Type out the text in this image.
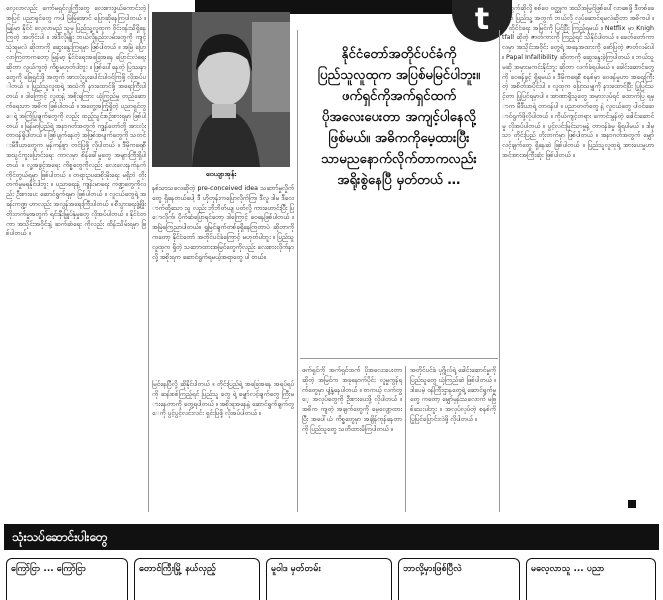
t
လေ့လာလည်း ကော်မရှင်လူကြီးတွေ လေးစားဖွယ်ကောင်းတဲ့အပြင် ပညာရှင်တွေ ကပါ မြဲမြံအောင် ပြောဆိုနေကြပါတယ် ။ မြန်မာ နိုင်ငံ လေ့လာမည် သူမှ ပြည်သူ့လူထုက ဝိုင်းဝန်းသိရှိနေကြတဲ့ အတိုင်းပါ ။ အဲဒီလိုမျိုး ဘယ်လိုနည်းလမ်းတွေကို ကျင့်သုံးရမလဲ ဆိုတာကို ဆွေးနွေးကြရမှာ ဖြစ်ပါတယ် ။ အမြဲ ပြောလာကြတာကတော့ မြန်မာ့ နိုင်ငံရေးအခြေအနေ ပြောင်းလဲရေးဆိုတာ လွယ်ကူတဲ့ ကိစ္စမဟုတ်ပါဘူး ။ ဖြစ်ပေါ်နေတဲ့ ပြဿနာတွေကို ဖြေရှင်းဖို့ အတွက် အားလုံးပူးပေါင်းပါဝင်ကြဖို့ လိုအပ်ပါတယ် ။ ပြည်သူလူထုရဲ့ အသံကို နားထောင်ဖို့ အရေးကြီးပါတယ် ။ ဒါကြောင့် လူထုနဲ့ အစိုးရကြား ယုံကြည်မှု တည်ဆောက်ရေးဟာ အဓိက ဖြစ်ပါတယ် ။ အတွေ့အကြုံရှိတဲ့ ပညာရှင်တွေရဲ့ အကြံပြုချက်တွေကို လည်း ထည့်သွင်းစဉ်းစားရမှာ ဖြစ်ပါတယ် ။ မြန်မာပြည်ရဲ့ အနာဂတ်အတွက် ကျွန်တော်တို့ အားလုံး တာဝန်ရှိပါတယ် ။ ဖြစ်ပျက်နေတဲ့ အဖြစ်အပျက်တွေကို သတင်းမီဒီယာတွေက မှန်ကန်စွာ တင်ပြဖို့ လိုပါတယ် ။ ဒီမိုကရေစီ အသွင်ကူးပြောင်းရေး ကာလမှာ စိန်ခေါ်မှုတွေ အများကြီးရှိပါတယ် ။ လူ့အခွင့်အရေး ကိစ္စတွေကိုလည်း လေးလေးနက်နက် ကိုင်တွယ်ရမှာ ဖြစ်ပါတယ် ။ တရားဥပဒေစိုးမိုးရေး မရှိဘဲ တိုးတက်မှုမရနိုင်ပါဘူး ။ ပညာရေးနဲ့ ကျန်းမာရေး ကဏ္ဍတွေကိုလည်း ဦးစားပေး ဆောင်ရွက်ရမှာ ဖြစ်ပါတယ် ။ လူငယ်တွေရဲ့ အခန်းကဏ္ဍ ဟာလည်း အလွန်အရေးကြီးပါတယ် ။ စီးပွားရေးဖွံ့ဖြိုးတိုးတက်မှုအတွက် ရင်းနှီးမြှုပ်နှံမှုတွေ လိုအပ်ပါတယ် ။ နိုင်ငံတကာ အသိုင်းအဝိုင်းနဲ့ ဆက်ဆံရေး ကိုလည်း ထိန်းသိမ်းရမှာ ဖြစ်ပါတယ် ။
ဝေယျာအုန်း
နစ်သာသလေဆိုတဲ့ pre-conceived idea သဘော်မှုလှိုက်တွေ ရှိနေတယ်ပေါ့ ဒီ ဟိုတုန်းကပြောလိုက်ကြ၊ ဒီလူ ဒါမ ဒီလောက်ထို့သော သူ လည်း ဘိုဘိတ်ယျ ပတ်လို့ ကားဟောင်းပြီး ပြောလိုက်၊ ပိုက်ဆံပြောရင်တော့ ဒါကြောင့် ဝေနေဖြစ်ပါတယ် ။ အမြဲကြေညာပါတယ်။ ရှုမြင်ချက်တစ်ခုရှိနေကြတာပဲ ဆိုတာကို ကတော့ နိုင်ငံတော် အတိုင်ပင်ခံကြောင့် မဟုတ်ပါဘူး ။ ပြည်သူလူထုက ရှိတဲ့ သဘောထားအမြင်တွေကိုလည်း လေးစားလိုက်နာလို့ အစိုးရက ဆောင်ရွက်ရမယ့်အရာတွေ ပါ တယ်။
နိုင်ငံတော်အတိုင်ပင်ခံကို
ပြည်သူလူထုက အပြစ်မမြင်ပါဘူး။
ဖက်ရှင်ကိုအက်ရှင်ထက်
ပိုအလေးပေးတာ အကျင့်ပါနေလို့
ဖြစ်မယ်။ အဓိကကိုမေ့ထားပြီး
သာမညနောက်လိုက်တာကလည်း
အရိုးစွဲနေပြီ မှတ်တယ် …
မြင်နေပြီလို့ ဆိုနိုင်ပါတယ် ။ တိုင်းပြည်ရဲ့ အခြေအနေ အရပ်ရပ်ကို ဆန်းစစ်ကြည့်ရင် ပြည်သူ တွေ ရဲ့ မျှော်လင့်ချက်တွေ ကြီးမားနေတာကို တွေ့ရပါတယ် ။ အစိုးရအနေနဲ့ ဆောင်ရွက်ချက်တွေကို ပွင့်ပွင့်လင်းလင်း ရှင်းပြဖို့ လိုအပ်ပါတယ် ။
ဖက်ရှင်ကို အက်ရှင်ထက် ပိုအလေးပေးတာ ဆိုတဲ့ အမြင်က အခုနောက်ပိုင်း လူမှုကွန်ရက်တွေမှာ ပျံ့နှံ့နေပါတယ် ။ တကယ့် လက်တွေ့ အလုပ်တွေကို ဦးစားပေးဖို့ လိုပါတယ် ။ အဓိက ကျတဲ့ အချက်တွေကို မေ့လျော့ထားပြီး အပေါ်ယံ ကိစ္စတွေမှာ အချိန်ကုန်နေတာကို ပြည်သူတွေ သတိထားမိကြပါတယ် ။
အတိုင်ပင်ခံ ပုဂ္ဂိုလ်ရဲ့ ခေါင်းဆောင်မှုကို ပြည်သူတွေ ယုံကြည်ဆဲ ဖြစ်ပါတယ် ။ ဒါပေမဲ့ ဝန်ကြီးဌာနတွေရဲ့ ဆောင်ရွက်မှုတွေ ကတော့ မျှော်မှန်းသလောက် မဖြစ်သေးပါဘူး ။ အလုပ်လုပ်တဲ့ စနစ်ကို ပြုပြင်ပြောင်းလဲဖို့ လိုပါတယ် ။
အတွက်ဆိုလို့ စစ်ဝေ ဝတ္ထုက အသိအမြင်ဖြစ်ပေါ်လာစေဖို့ ဒီတစ်ခေါက် ပြည်သူ့ အတွက် ဘယ်လို လုပ်ဆောင်ရမလဲဆိုတာ အဓိကပါ ။ ဒါ ထိုင်ငံရေး အမြင်ကို ပြင်ပြီး ကြည့်ရမယ် ။ Netflix မှာ Knightfall ဆိုတဲ့ ဇာတ်ကားကို ကြည့်ရင် သိနိုင်ပါတယ် ။ ခေတ်တော်ကာလမှာ အသိုင်းအဝိုင်း တွေရဲ့ အနေအထားကို ဖော်ပြတဲ့ ဇာတ်လမ်းပါ ။ Papal Infallibility ဆိုတာကို ဆွေးနွေးခဲ့ကြပါတယ် ။ ဘယ်သူမဆို အမှားမကင်းနိုင်ဘူး ဆိုတာ လက်ခံရပါမယ် ။ ခေါင်းဆောင်တွေကို ဝေဖန်ခွင့် ရှိရမယ် ။ ဒီမိုကရေစီ စနစ်မှာ ဝေဖန်မှုဟာ အရေးကြီးတဲ့ အစိတ်အပိုင်းပါ ။ လူထုက ပြောသမျှကို နားထောင်ပြီး ပြုပြင်သင့်တာ ပြုပြင်ရမှာပါ ။ အာဏာရှိသူတွေ အမှားလုပ်ရင် ထောက်ပြ ရမှာက မီဒီယာရဲ့ တာဝန်ပါ ။ ပညာတတ်တွေ နဲ့ လူငယ်တွေ ပါဝင်ဆောင်ရွက်ဖို့လိုပါတယ် ။ ကိုယ်ကျင့်တရား ကောင်းမွန်တဲ့ ခေါင်းဆောင်မှု လိုအပ်ပါတယ် ။ ပွင့်လင်းမြင်သာမှုနဲ့ တာဝန်ခံမှု ရှိရပါမယ် ။ ဒါမှသာ တိုင်းပြည် တိုးတက်မှာ ဖြစ်ပါတယ် ။ အနာဂတ်အတွက် မျှော်လင့်ချက်တွေ ရှိနေဆဲ ဖြစ်ပါတယ် ။ ပြည်သူလူထုရဲ့ အားပေးမှုဟာ အင်အားအကြီးဆုံး ဖြစ်ပါတယ် ။
သုံးသပ်ဆောင်းပါးတွေ
ကြော်ငြာ ... ကြော်ငြာ	တောင်ကြီးမြို့ နယ်လှည့်	မူဝါဒ မှတ်တမ်း	ဘာလို့မှားဖြစ်ပြီလဲ	မလေ့လာသူ ... ပညာ
